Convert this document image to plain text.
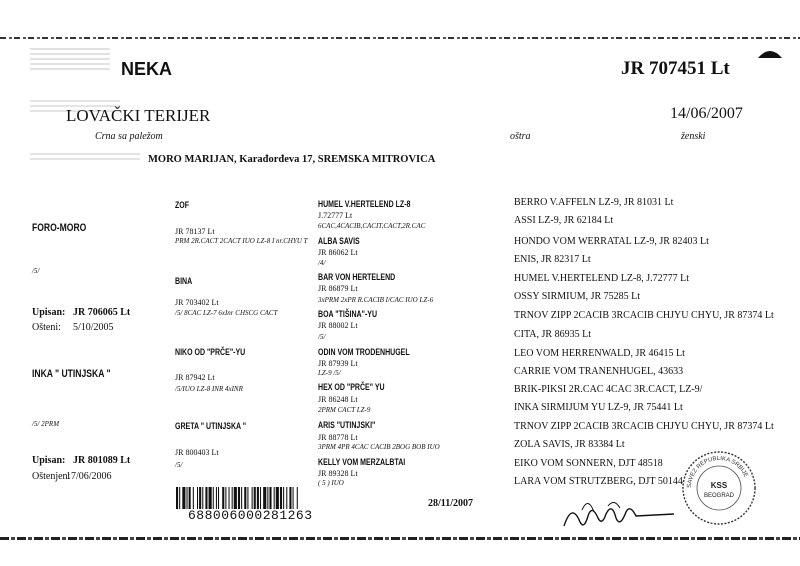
NEKA	JR 707451 Lt
LOVAČKI TERIJER	14/06/2007
Crna sa paležom	oštra	ženski
MORO MARIJAN, Karađorđeva 17, SREMSKA MITROVICA
FORO-MORO
/5/
Upisan: JR 706065 Lt
Ošteni: 5/10/2005
INKA " UTINJSKA "
/5/ 2PRM
Upisan: JR 801089 Lt
Oštenjen:
17/06/2006
ZOF
JR 78137 Lt
PRM 2R.CACT 2CACT IUO LZ-8 I nr.CHYU T
BINA
JR 703402 Lt
/5/ 8CAC LZ-7 6xInr CHSCG CACT
NIKO OD "PRČE"-YU
JR 87942 Lt
/5/IUO LZ-8 INR 4xINR
GRETA " UTINJSKA "
JR 800403 Lt
/5/
HUMEL V.HERTELEND LZ-8
J.72777 Lt
6CAC,4CACIB,CACIT,CACT,2R.CAC
ALBA SAVIS
JR 86062 Lt
/4/
BAR VON HERTELEND
JR 86879 Lt
3xPRM 2xPR R.CACIB I/CAC IUO LZ-6
BOA "TIŠINA"-YU
JR 88002 Lt
/5/
ODIN VOM TRODENHUGEL
JR 87939 Lt
LZ-9 /5/
HEX OD "PRČE" YU
JR 86248 Lt
2PRM CACT LZ-9
ARIS "UTINJSKI"
JR 88778 Lt
3PRM 4PR 4CAC CACIB 2BOG BOB IUO
KELLY VOM MERZALBTAI
JR 89328 Lt
( 5 ) IUO
BERRO V.AFFELN LZ-9, JR 81031 Lt
ASSI LZ-9, JR 62184 Lt
HONDO VOM WERRATAL LZ-9, JR 82403 Lt
ENIS, JR 82317 Lt
HUMEL V.HERTELEND LZ-8, J.72777 Lt
OSSY SIRMIUM, JR 75285 Lt
TRNOV ZIPP 2CACIB 3RCACIB CHJYU CHYU, JR 87374 Lt
CITA, JR 86935 Lt
LEO VOM HERRENWALD, JR 46415 Lt
CARRIE VOM TRANENHUGEL, 43633
BRIK-PIKSI 2R.CAC 4CAC 3R.CACT, LZ-9/
INKA SIRMIJUM YU LZ-9, JR 75441 Lt
TRNOV ZIPP 2CACIB 3RCACIB CHJYU CHYU, JR 87374 Lt
ZOLA SAVIS, JR 83384 Lt
EIKO VOM SONNERN, DJT 48518
LARA VOM STRUTZBERG, DJT 50144
688006000281263
28/11/2007
SAVEZ REPUBLIKA SRBIJE
KSS
BEOGRAD
